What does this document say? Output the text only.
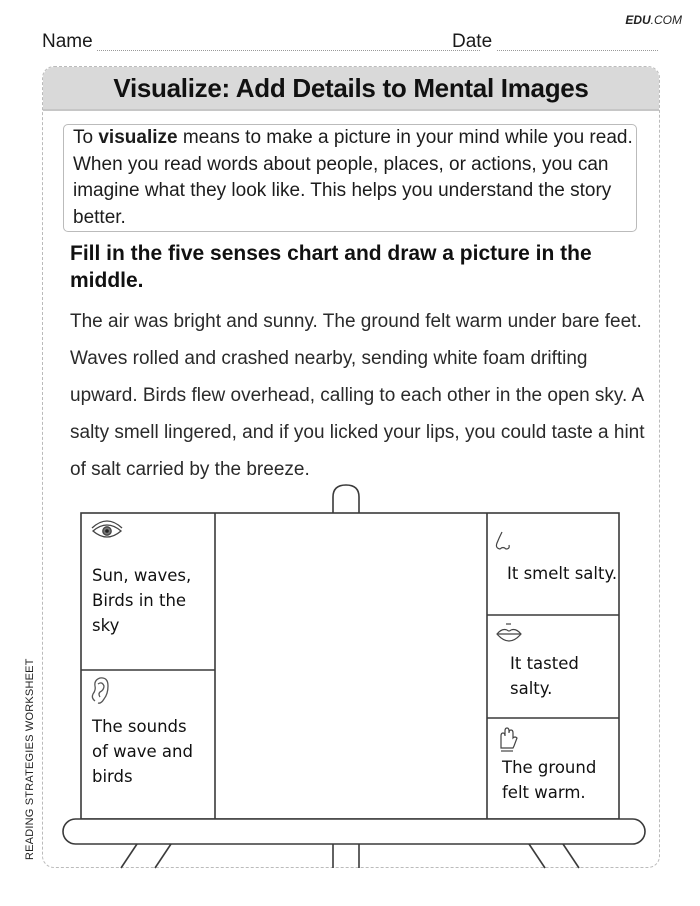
EDU.COM
Name	Date
Visualize: Add Details to Mental Images
To visualize means to make a picture in your mind while you read. When you read words about people, places, or actions, you can imagine what they look like. This helps you understand the story better.
Fill in the five senses chart and draw a picture in the middle.
The air was bright and sunny. The ground felt warm under bare feet. Waves rolled and crashed nearby, sending white foam drifting upward. Birds flew overhead, calling to each other in the open sky. A salty smell lingered, and if you licked your lips, you could taste a hint of salt carried by the breeze.
Sun, waves,
Birds in the
sky
The sounds
of wave and
birds
It smelt salty.
It tasted
salty.
The ground
felt warm.
READING STRATEGIES WORKSHEET
